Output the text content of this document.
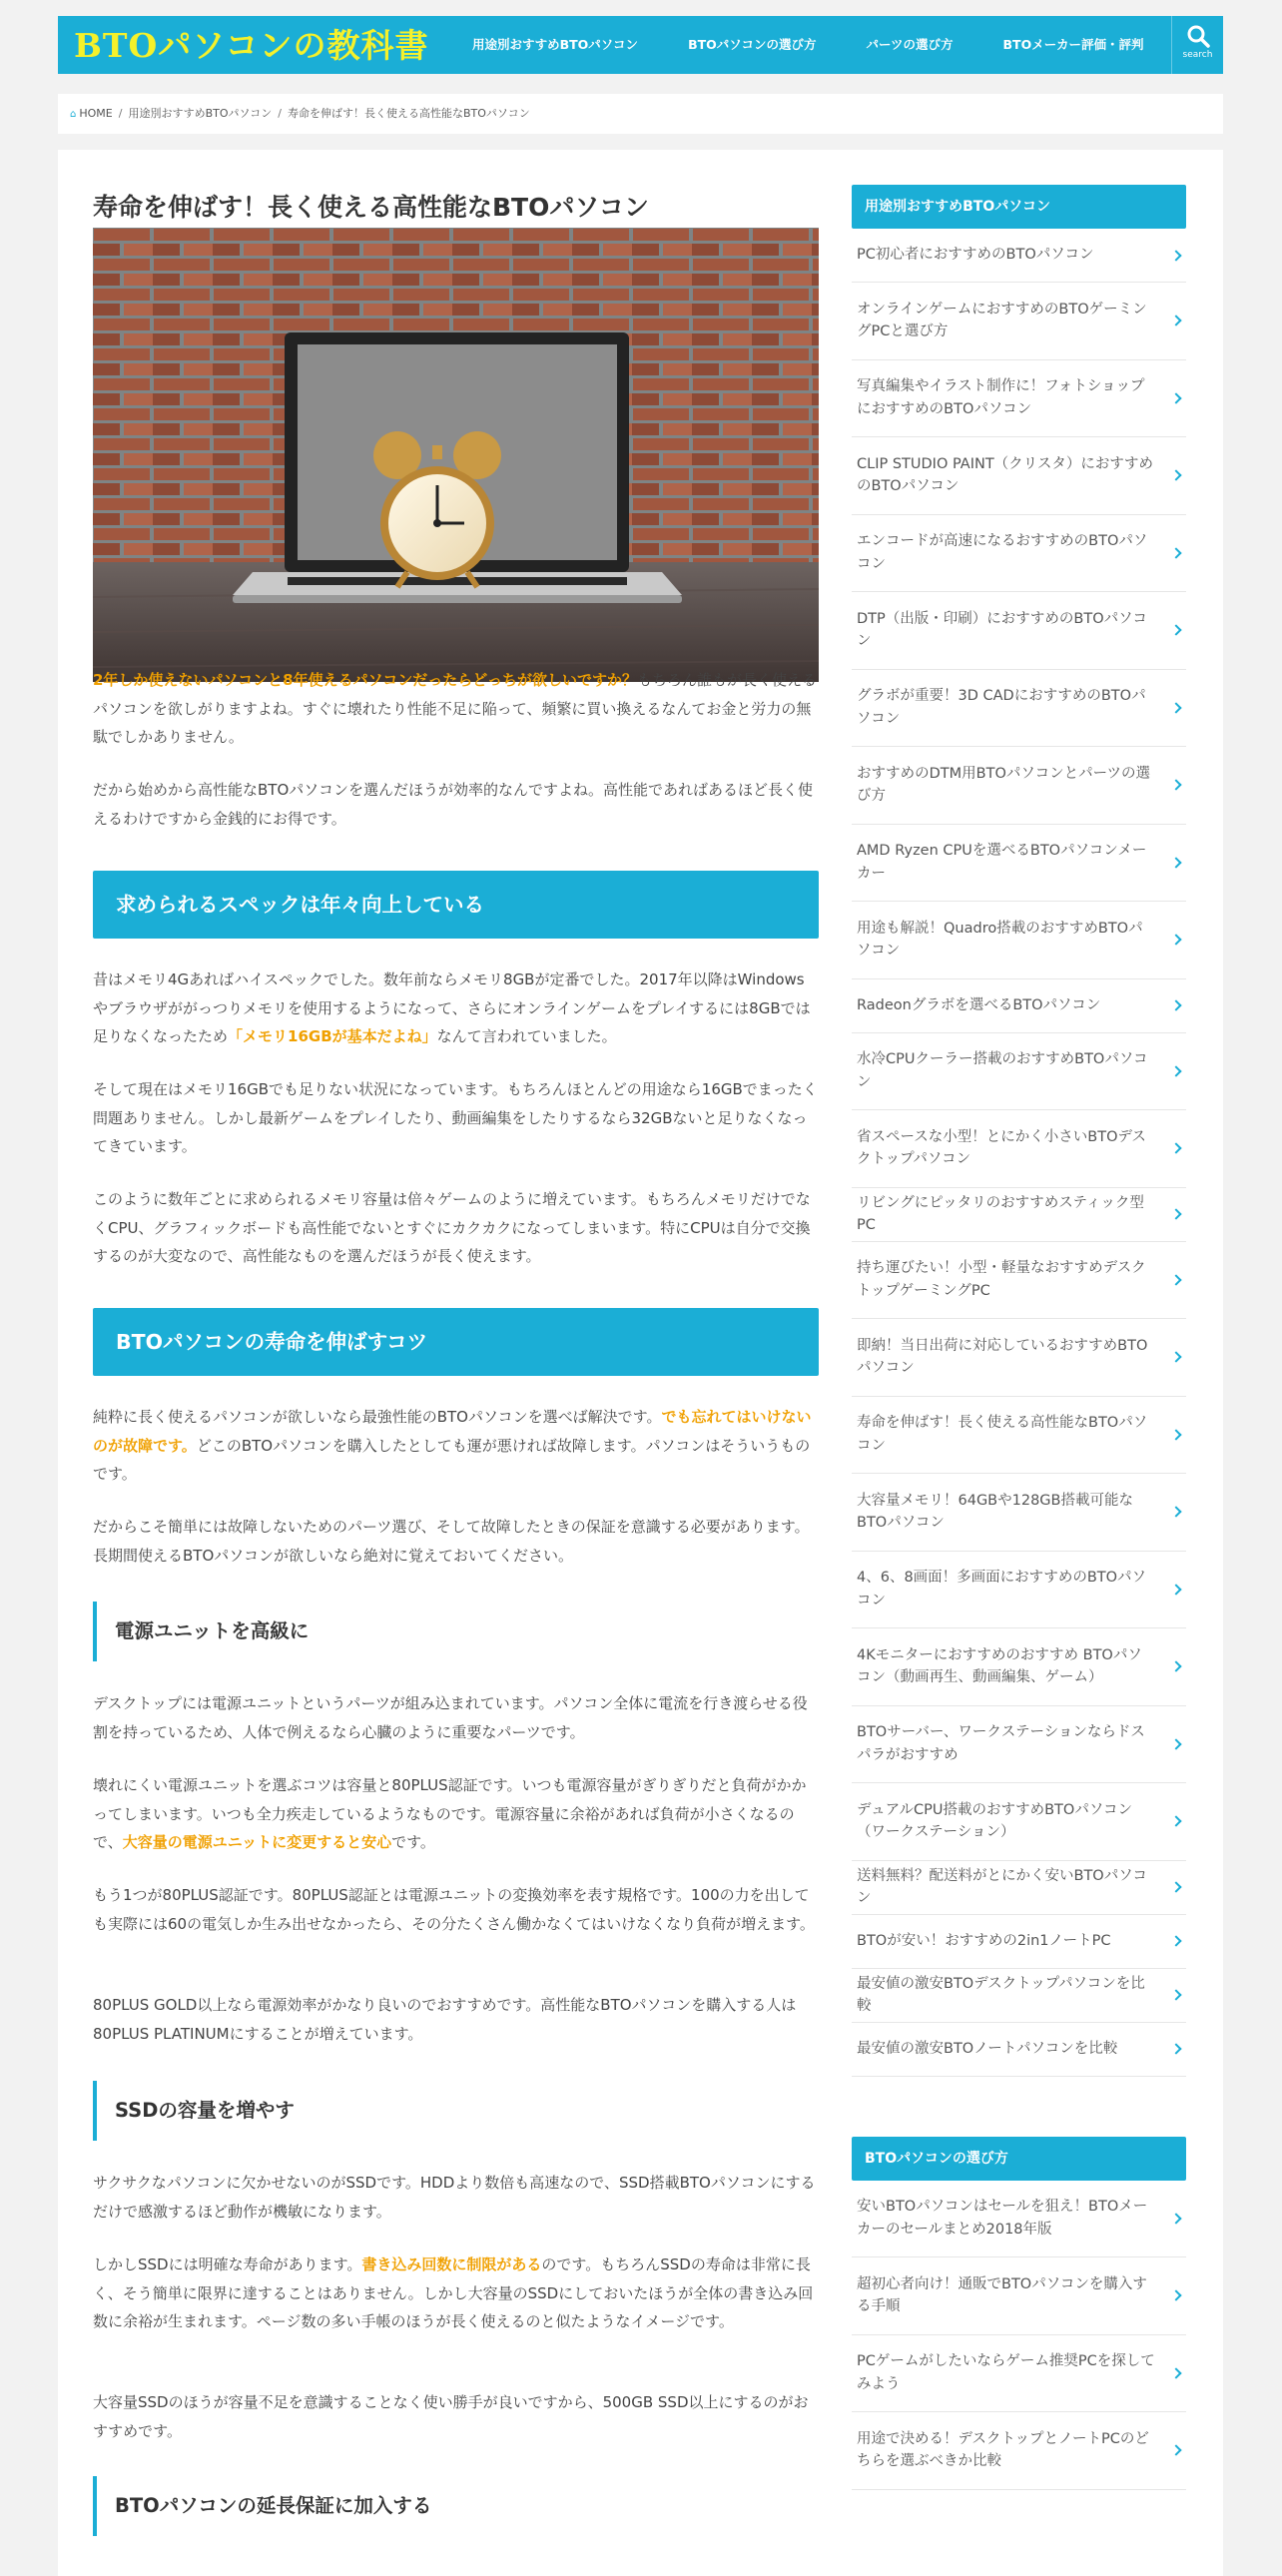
BTOパソコンの教科書	用途別おすすめBTOパソコン	BTOパソコンの選び方	パーツの選び方	BTOメーカー評価・評判
search
⌂ HOME / 用途別おすすめBTOパソコン / 寿命を伸ばす！長く使える高性能なBTOパソコン
寿命を伸ばす！長く使える高性能なBTOパソコン

2年しか使えないパソコンと8年使えるパソコンだったらどっちが欲しいですか？もちろん誰もが長く使えるパソコンを欲しがりますよね。すぐに壊れたり性能不足に陥って、頻繁に買い換えるなんてお金と労力の無駄でしかありません。

だから始めから高性能なBTOパソコンを選んだほうが効率的なんですよね。高性能であればあるほど長く使えるわけですから金銭的にお得です。

求められるスペックは年々向上している

昔はメモリ4Gあればハイスペックでした。数年前ならメモリ8GBが定番でした。2017年以降はWindowsやブラウザががっつりメモリを使用するようになって、さらにオンラインゲームをプレイするには8GBでは足りなくなったため「メモリ16GBが基本だよね」なんて言われていました。

そして現在はメモリ16GBでも足りない状況になっています。もちろんほとんどの用途なら16GBでまったく問題ありません。しかし最新ゲームをプレイしたり、動画編集をしたりするなら32GBないと足りなくなってきています。

このように数年ごとに求められるメモリ容量は倍々ゲームのように増えています。もちろんメモリだけでなくCPU、グラフィックボードも高性能でないとすぐにカクカクになってしまいます。特にCPUは自分で交換するのが大変なので、高性能なものを選んだほうが長く使えます。

BTOパソコンの寿命を伸ばすコツ

純粋に長く使えるパソコンが欲しいなら最強性能のBTOパソコンを選べば解決です。でも忘れてはいけないのが故障です。どこのBTOパソコンを購入したとしても運が悪ければ故障します。パソコンはそういうものです。

だからこそ簡単には故障しないためのパーツ選び、そして故障したときの保証を意識する必要があります。長期間使えるBTOパソコンが欲しいなら絶対に覚えておいてください。

電源ユニットを高級に

デスクトップには電源ユニットというパーツが組み込まれています。パソコン全体に電流を行き渡らせる役割を持っているため、人体で例えるなら心臓のように重要なパーツです。

壊れにくい電源ユニットを選ぶコツは容量と80PLUS認証です。いつも電源容量がぎりぎりだと負荷がかかってしまいます。いつも全力疾走しているようなものです。電源容量に余裕があれば負荷が小さくなるので、大容量の電源ユニットに変更すると安心です。

もう1つが80PLUS認証です。80PLUS認証とは電源ユニットの変換効率を表す規格です。100の力を出しても実際には60の電気しか生み出せなかったら、その分たくさん働かなくてはいけなくなり負荷が増えます。

80PLUS GOLD以上なら電源効率がかなり良いのでおすすめです。高性能なBTOパソコンを購入する人は80PLUS PLATINUMにすることが増えています。

SSDの容量を増やす

サクサクなパソコンに欠かせないのがSSDです。HDDより数倍も高速なので、SSD搭載BTOパソコンにするだけで感激するほど動作が機敏になります。

しかしSSDには明確な寿命があります。書き込み回数に制限があるのです。もちろんSSDの寿命は非常に長く、そう簡単に限界に達することはありません。しかし大容量のSSDにしておいたほうが全体の書き込み回数に余裕が生まれます。ページ数の多い手帳のほうが長く使えるのと似たようなイメージです。

大容量SSDのほうが容量不足を意識することなく使い勝手が良いですから、500GB SSD以上にするのがおすすめです。

BTOパソコンの延長保証に加入する
用途別おすすめBTOパソコン
PC初心者におすすめのBTOパソコン
オンラインゲームにおすすめのBTOゲーミングPCと選び方
写真編集やイラスト制作に！フォトショップにおすすめのBTOパソコン
CLIP STUDIO PAINT（クリスタ）におすすめのBTOパソコン
エンコードが高速になるおすすめのBTOパソコン
DTP（出版・印刷）におすすめのBTOパソコン
グラボが重要！3D CADにおすすめのBTOパソコン
おすすめのDTM用BTOパソコンとパーツの選び方
AMD Ryzen CPUを選べるBTOパソコンメーカー
用途も解説！Quadro搭載のおすすめBTOパソコン
Radeonグラボを選べるBTOパソコン
水冷CPUクーラー搭載のおすすめBTOパソコン
省スペースな小型！とにかく小さいBTOデスクトップパソコン
リビングにピッタリのおすすめスティック型PC
持ち運びたい！小型・軽量なおすすめデスクトップゲーミングPC
即納！当日出荷に対応しているおすすめBTOパソコン
寿命を伸ばす！長く使える高性能なBTOパソコン
大容量メモリ！64GBや128GB搭載可能なBTOパソコン
4、6、8画面！多画面におすすめのBTOパソコン
4Kモニターにおすすめのおすすめ BTOパソコン（動画再生、動画編集、ゲーム）
BTOサーバー、ワークステーションならドスパラがおすすめ
デュアルCPU搭載のおすすめBTOパソコン（ワークステーション）
送料無料？配送料がとにかく安いBTOパソコン
BTOが安い！おすすめの2in1ノートPC
最安値の激安BTOデスクトップパソコンを比較
最安値の激安BTOノートパソコンを比較
BTOパソコンの選び方
安いBTOパソコンはセールを狙え！BTOメーカーのセールまとめ2018年版
超初心者向け！通販でBTOパソコンを購入する手順
PCゲームがしたいならゲーム推奨PCを探してみよう
用途で決める！デスクトップとノートPCのどちらを選ぶべきか比較
